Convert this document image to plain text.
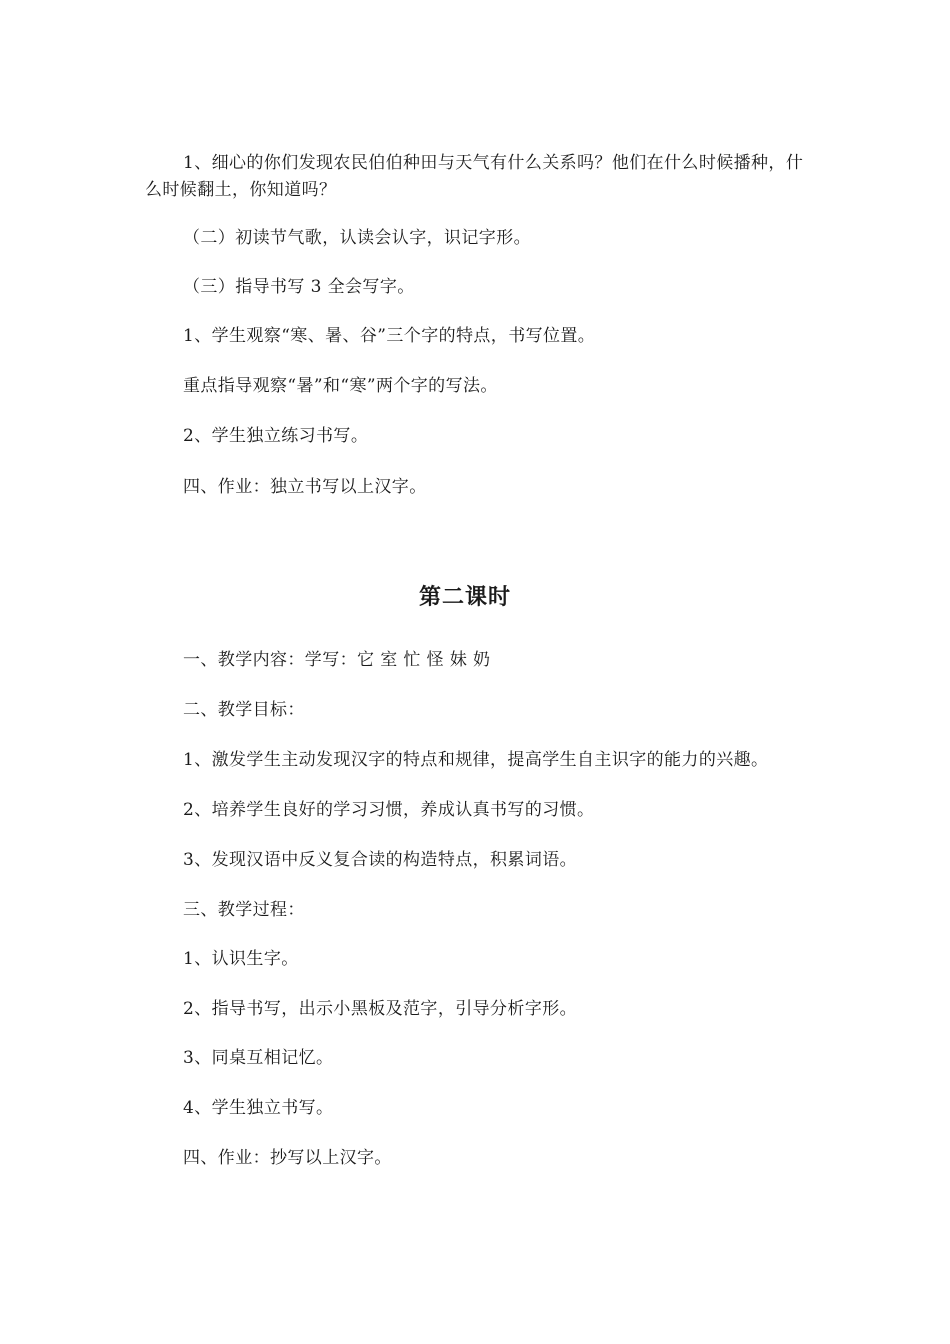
1、细心的你们发现农民伯伯种田与天气有什么关系吗？他们在什么时候播种，什么时候翻土，你知道吗？
（二）初读节气歌，认读会认字，识记字形。
（三）指导书写 3 全会写字。
1、学生观察“寒、暑、谷”三个字的特点，书写位置。
重点指导观察“暑”和“寒”两个字的写法。
2、学生独立练习书写。
四、作业：独立书写以上汉字。
第二课时
一、教学内容：学写：它 室 忙 怪 妹 奶
二、教学目标：
1、激发学生主动发现汉字的特点和规律，提高学生自主识字的能力的兴趣。
2、培养学生良好的学习习惯，养成认真书写的习惯。
3、发现汉语中反义复合读的构造特点，积累词语。
三、教学过程：
1、认识生字。
2、指导书写，出示小黑板及范字，引导分析字形。
3、同桌互相记忆。
4、学生独立书写。
四、作业：抄写以上汉字。
